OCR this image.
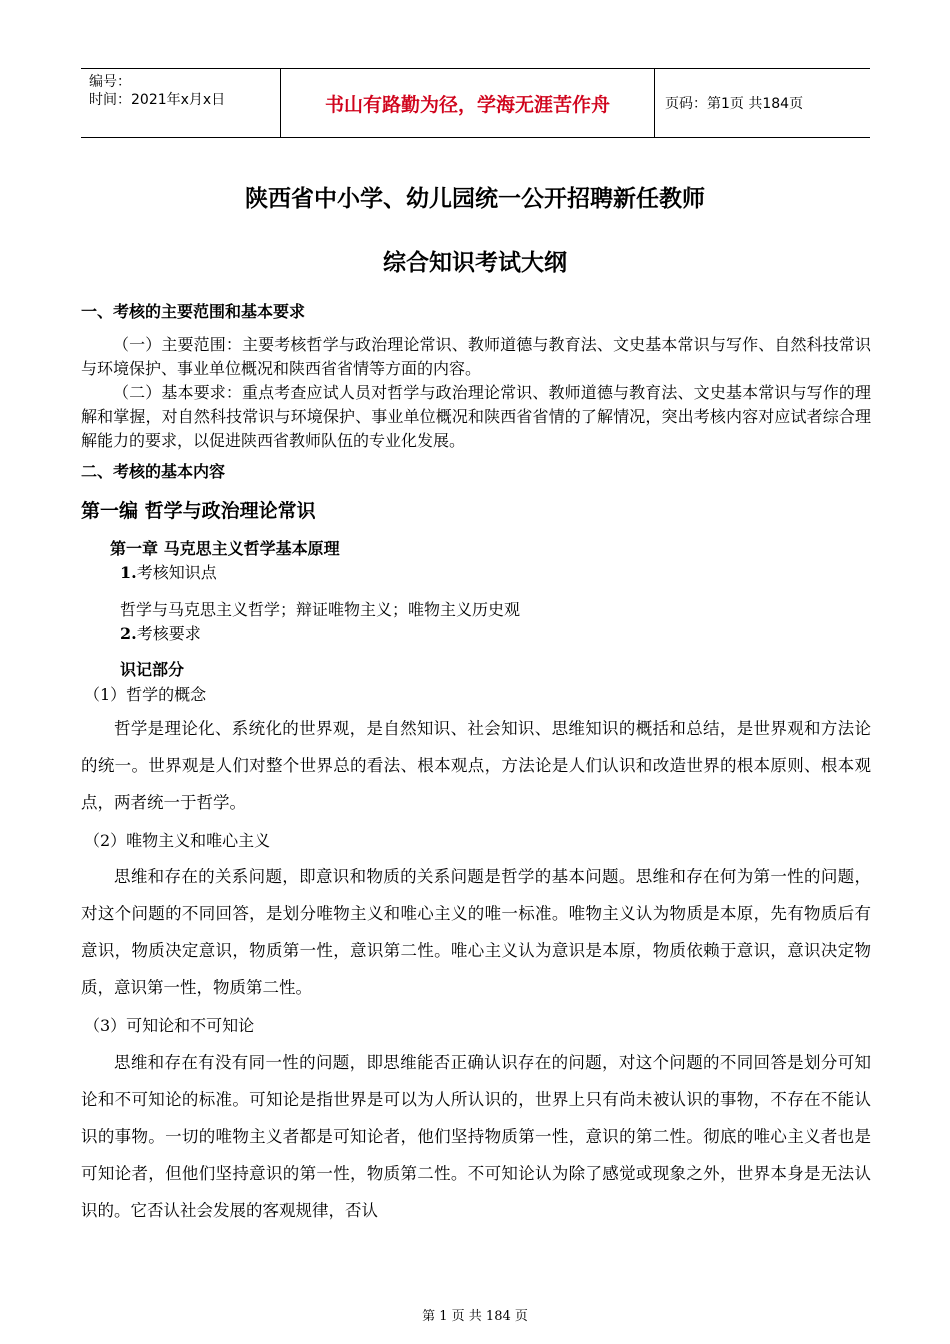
编号：
时间：2021年x月x日	书山有路勤为径，学海无涯苦作舟	页码：第1页 共184页
陕西省中小学、幼儿园统一公开招聘新任教师
综合知识考试大纲
一、考核的主要范围和基本要求

（一）主要范围：主要考核哲学与政治理论常识、教师道德与教育法、文史基本常识与写作、自然科技常识与环境保护、事业单位概况和陕西省省情等方面的内容。

（二）基本要求：重点考查应试人员对哲学与政治理论常识、教师道德与教育法、文史基本常识与写作的理解和掌握，对自然科技常识与环境保护、事业单位概况和陕西省省情的了解情况，突出考核内容对应试者综合理解能力的要求，以促进陕西省教师队伍的专业化发展。

二、考核的基本内容
第一编 哲学与政治理论常识
第一章 马克思主义哲学基本原理
1.考核知识点
哲学与马克思主义哲学；辩证唯物主义；唯物主义历史观
2.考核要求
识记部分
（1）哲学的概念

哲学是理论化、系统化的世界观，是自然知识、社会知识、思维知识的概括和总结，是世界观和方法论的统一。世界观是人们对整个世界总的看法、根本观点，方法论是人们认识和改造世界的根本原则、根本观点，两者统一于哲学。

（2）唯物主义和唯心主义

思维和存在的关系问题，即意识和物质的关系问题是哲学的基本问题。思维和存在何为第一性的问题，对这个问题的不同回答，是划分唯物主义和唯心主义的唯一标准。唯物主义认为物质是本原，先有物质后有意识，物质决定意识，物质第一性，意识第二性。唯心主义认为意识是本原，物质依赖于意识，意识决定物质，意识第一性，物质第二性。

（3）可知论和不可知论

思维和存在有没有同一性的问题，即思维能否正确认识存在的问题，对这个问题的不同回答是划分可知论和不可知论的标准。可知论是指世界是可以为人所认识的，世界上只有尚未被认识的事物，不存在不能认识的事物。一切的唯物主义者都是可知论者，他们坚持物质第一性，意识的第二性。彻底的唯心主义者也是可知论者，但他们坚持意识的第一性，物质第二性。不可知论认为除了感觉或现象之外，世界本身是无法认识的。它否认社会发展的客观规律，否认

第 1 页 共 184 页
